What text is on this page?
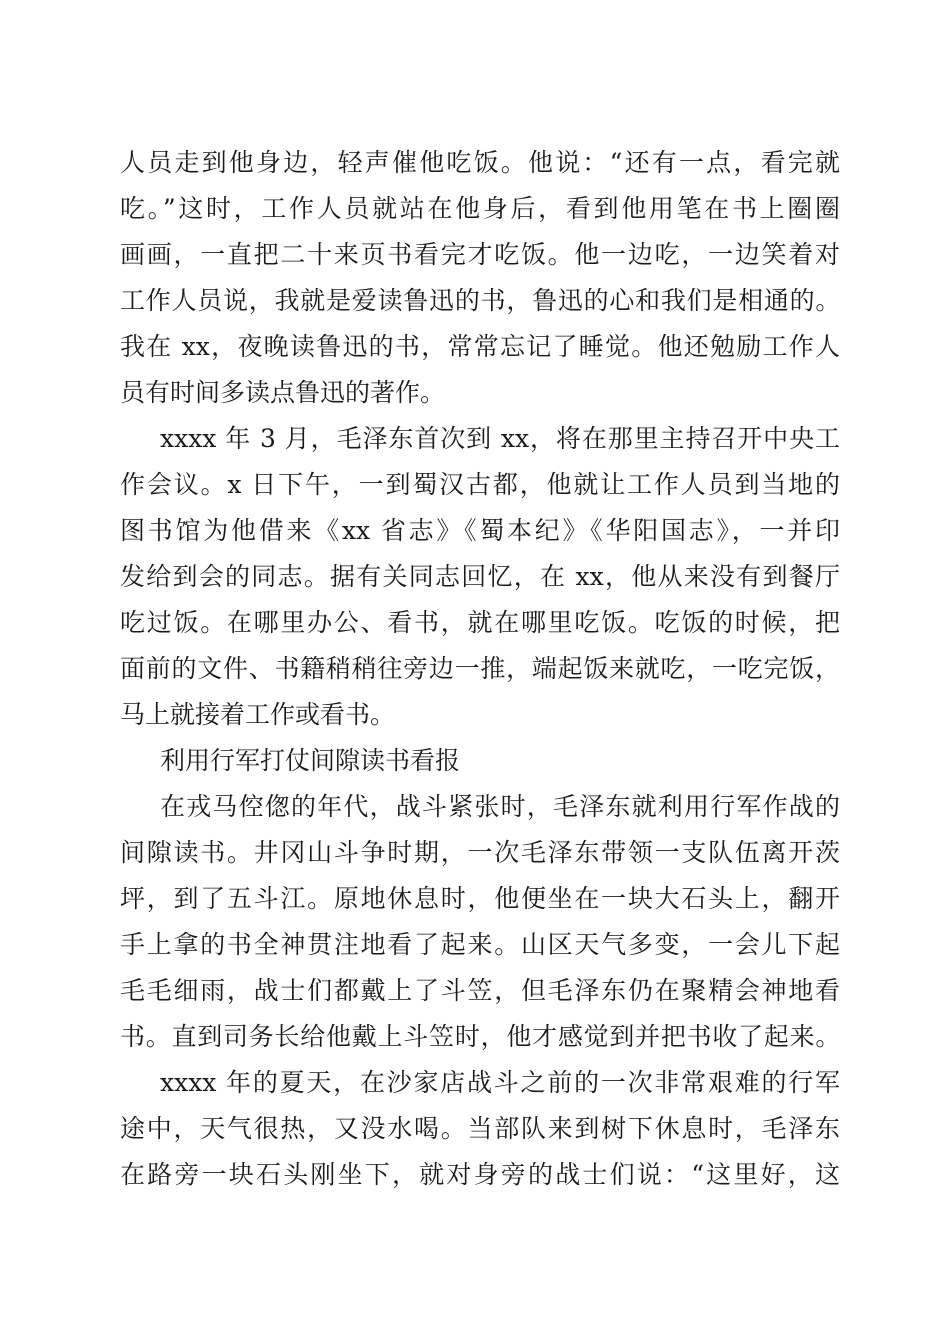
人员走到他身边，轻声催他吃饭。他说：“还有一点，看完就
吃。”这时，工作人员就站在他身后，看到他用笔在书上圈圈
画画，一直把二十来页书看完才吃饭。他一边吃，一边笑着对
工作人员说，我就是爱读鲁迅的书，鲁迅的心和我们是相通的。
我在 xx，夜晚读鲁迅的书，常常忘记了睡觉。他还勉励工作人
员有时间多读点鲁迅的著作。
xxxx 年 3 月，毛泽东首次到 xx，将在那里主持召开中央工
作会议。x 日下午，一到蜀汉古都，他就让工作人员到当地的
图书馆为他借来《xx 省志》《蜀本纪》《华阳国志》，一并印
发给到会的同志。据有关同志回忆，在 xx，他从来没有到餐厅
吃过饭。在哪里办公、看书，就在哪里吃饭。吃饭的时候，把
面前的文件、书籍稍稍往旁边一推，端起饭来就吃，一吃完饭，
马上就接着工作或看书。
利用行军打仗间隙读书看报
在戎马倥偬的年代，战斗紧张时，毛泽东就利用行军作战的
间隙读书。井冈山斗争时期，一次毛泽东带领一支队伍离开茨
坪，到了五斗江。原地休息时，他便坐在一块大石头上，翻开
手上拿的书全神贯注地看了起来。山区天气多变，一会儿下起
毛毛细雨，战士们都戴上了斗笠，但毛泽东仍在聚精会神地看
书。直到司务长给他戴上斗笠时，他才感觉到并把书收了起来。
xxxx 年的夏天，在沙家店战斗之前的一次非常艰难的行军
途中，天气很热，又没水喝。当部队来到树下休息时，毛泽东
在路旁一块石头刚坐下，就对身旁的战士们说：“这里好，这
